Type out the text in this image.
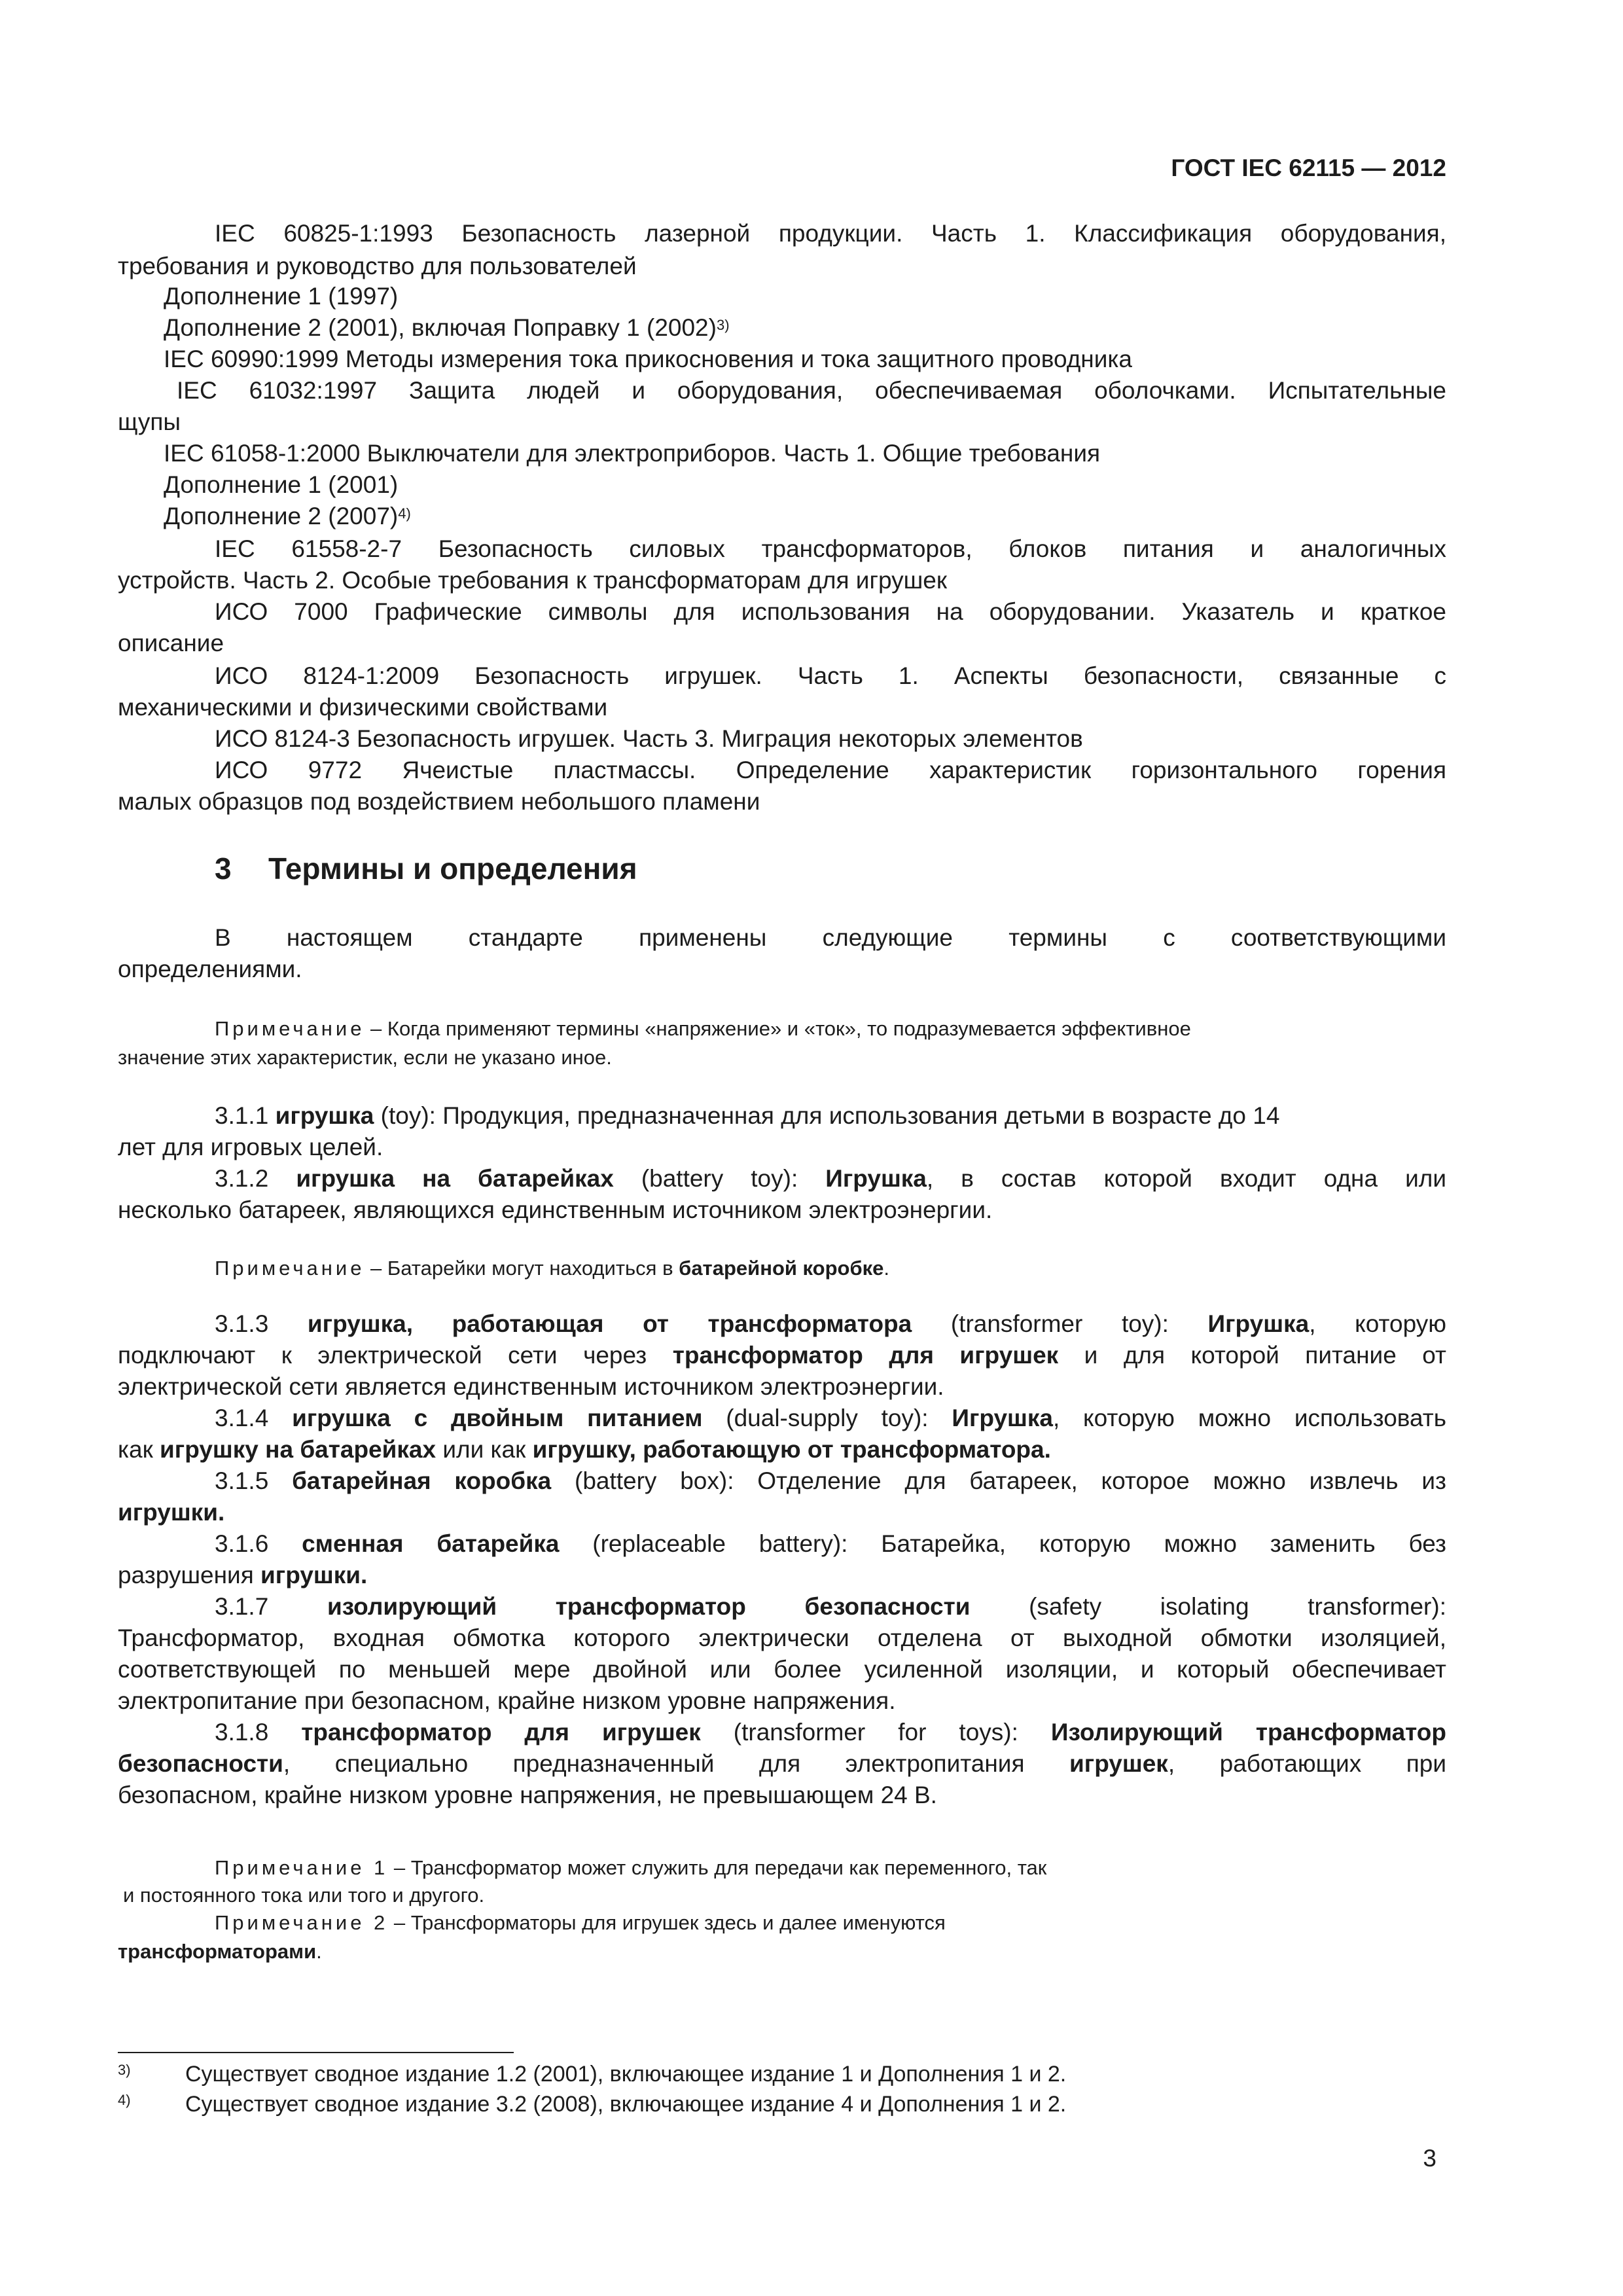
ГОСТ IEC 62115 — 2012
IEC 60825-1:1993 Безопасность лазерной продукции. Часть 1. Классификация оборудования,
требования и руководство для пользователей
Дополнение 1 (1997)
Дополнение 2 (2001), включая Поправку 1 $(2002)^{3)}$
IEC 60990:1999 Методы измерения тока прикосновения и тока защитного проводника
IEC 61032:1997 Защита людей и оборудования, обеспечиваемая оболочками. Испытательные
щупы
IEC 61058-1:2000 Выключатели для электроприборов. Часть 1. Общие требования
Дополнение 1 (2001)
Дополнение 2 $(2007)^{4)}$
IEC 61558-2-7 Безопасность силовых трансформаторов, блоков питания и аналогичных
устройств. Часть 2. Особые требования к трансформаторам для игрушек
ИСО 7000 Графические символы для использования на оборудовании. Указатель и краткое
описание
ИСО 8124-1:2009 Безопасность игрушек. Часть 1. Аспекты безопасности, связанные с
механическими и физическими свойствами
ИСО 8124-3 Безопасность игрушек. Часть 3. Миграция некоторых элементов
ИСО 9772 Ячеистые пластмассы. Определение характеристик горизонтального горения
малых образцов под воздействием небольшого пламени
3 Термины и определения
В настоящем стандарте применены следующие термины с соответствующими
определениями.
Примечание – Когда применяют термины «напряжение» и «ток», то подразумевается эффективное
значение этих характеристик, если не указано иное.
3.1.1 игрушка (toy): Продукция, предназначенная для использования детьми в возрасте до 14
лет для игровых целей.
3.1.2 игрушка на батарейках (battery toy): Игрушка, в состав которой входит одна или
несколько батареек, являющихся единственным источником электроэнергии.
Примечание – Батарейки могут находиться в батарейной коробке.
3.1.3 игрушка, работающая от трансформатора (transformer toy): Игрушка, которую
подключают к электрической сети через трансформатор для игрушек и для которой питание от
электрической сети является единственным источником электроэнергии.
3.1.4 игрушка с двойным питанием (dual-supply toy): Игрушка, которую можно использовать
как игрушку на батарейках или как игрушку, работающую от трансформатора.
3.1.5 батарейная коробка (battery box): Отделение для батареек, которое можно извлечь из
игрушки.
3.1.6 сменная батарейка (replaceable battery): Батарейка, которую можно заменить без
разрушения игрушки.
3.1.7 изолирующий трансформатор безопасности (safety isolating transformer):
Трансформатор, входная обмотка которого электрически отделена от выходной обмотки изоляцией,
соответствующей по меньшей мере двойной или более усиленной изоляции, и который обеспечивает
электропитание при безопасном, крайне низком уровне напряжения.
3.1.8 трансформатор для игрушек (transformer for toys): Изолирующий трансформатор
безопасности, специально предназначенный для электропитания игрушек, работающих при
безопасном, крайне низком уровне напряжения, не превышающем 24 В.
Примечание 1 – Трансформатор может служить для передачи как переменного, так
и постоянного тока или того и другого.
Примечание 2 – Трансформаторы для игрушек здесь и далее именуются
трансформаторами.
3) Существует сводное издание 1.2 (2001), включающее издание 1 и Дополнения 1 и 2.
4) Существует сводное издание 3.2 (2008), включающее издание 4 и Дополнения 1 и 2.
3
